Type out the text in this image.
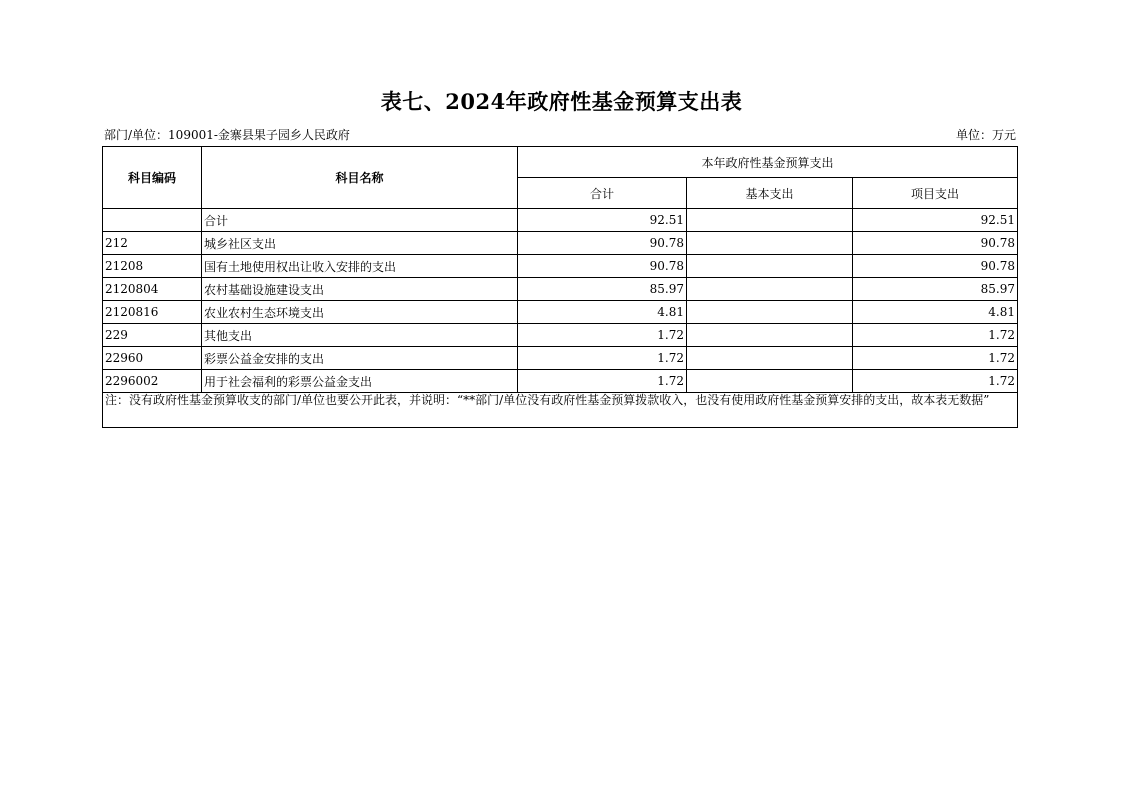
表七、2024年政府性基金预算支出表
部门/单位：109001-金寨县果子园乡人民政府	单位：万元
科目编码	科目名称	本年政府性基金预算支出		
		合计	基本支出	项目支出
	合计	92.51		92.51
212	城乡社区支出	90.78		90.78
21208	国有土地使用权出让收入安排的支出	90.78		90.78
2120804	农村基础设施建设支出	85.97		85.97
2120816	农业农村生态环境支出	4.81		4.81
229	其他支出	1.72		1.72
22960	彩票公益金安排的支出	1.72		1.72
2296002	用于社会福利的彩票公益金支出	1.72		1.72
注：没有政府性基金预算收支的部门/单位也要公开此表，并说明：“**部门/单位没有政府性基金预算拨款收入，也没有使用政府性基金预算安排的支出，故本表无数据”				
